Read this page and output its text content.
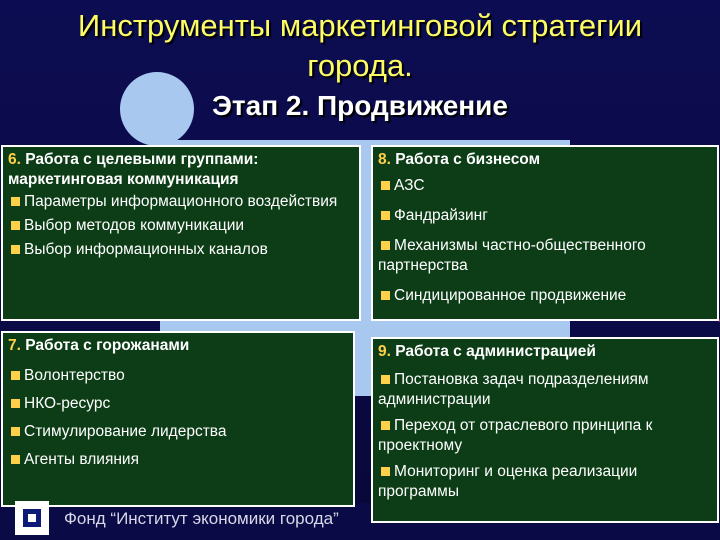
Инструменты маркетинговой стратегии
города.
Этап 2. Продвижение
6. Работа с целевыми группами:
маркетинговая коммуникация
Параметры информационного воздействия
Выбор методов коммуникации
Выбор информационных каналов
8. Работа с бизнесом
АЗС
Фандрайзинг
Механизмы частно-общественного партнерства
Синдицированное продвижение
7. Работа с горожанами
Волонтерство
НКО-ресурс
Стимулирование лидерства
Агенты влияния
9. Работа с администрацией
Постановка задач подразделениям администрации
Переход от отраслевого принципа к проектному
Мониторинг и оценка реализации программы
Фонд “Институт экономики города”
